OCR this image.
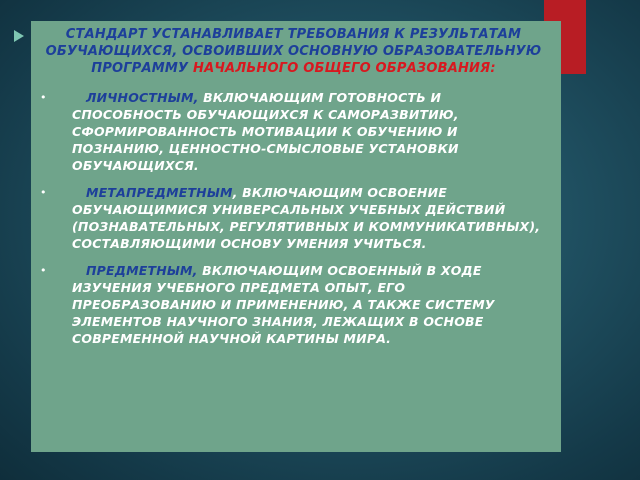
СТАНДАРТ УСТАНАВЛИВАЕТ ТРЕБОВАНИЯ К РЕЗУЛЬТАТАМ ОБУЧАЮЩИХСЯ, ОСВОИВШИХ ОСНОВНУЮ ОБРАЗОВАТЕЛЬНУЮ ПРОГРАММУ НАЧАЛЬНОГО ОБЩЕГО ОБРАЗОВАНИЯ:
•	ЛИЧНОСТНЫМ, ВКЛЮЧАЮЩИМ ГОТОВНОСТЬ И СПОСОБНОСТЬ ОБУЧАЮЩИХСЯ К САМОРАЗВИТИЮ, СФОРМИРОВАННОСТЬ МОТИВАЦИИ К ОБУЧЕНИЮ И ПОЗНАНИЮ, ЦЕННОСТНО-СМЫСЛОВЫЕ УСТАНОВКИ ОБУЧАЮЩИХСЯ.
•	МЕТАПРЕДМЕТНЫМ, ВКЛЮЧАЮЩИМ ОСВОЕНИЕ ОБУЧАЮЩИМИСЯ УНИВЕРСАЛЬНЫХ УЧЕБНЫХ ДЕЙСТВИЙ (ПОЗНАВАТЕЛЬНЫХ, РЕГУЛЯТИВНЫХ И КОММУНИКАТИВНЫХ), СОСТАВЛЯЮЩИМИ ОСНОВУ УМЕНИЯ УЧИТЬСЯ.
•	ПРЕДМЕТНЫМ, ВКЛЮЧАЮЩИМ ОСВОЕННЫЙ В ХОДЕ ИЗУЧЕНИЯ УЧЕБНОГО ПРЕДМЕТА ОПЫТ, ЕГО ПРЕОБРАЗОВАНИЮ И ПРИМЕНЕНИЮ, А ТАКЖЕ СИСТЕМУ ЭЛЕМЕНТОВ НАУЧНОГО ЗНАНИЯ, ЛЕЖАЩИХ В ОСНОВЕ СОВРЕМЕННОЙ НАУЧНОЙ КАРТИНЫ МИРА.
